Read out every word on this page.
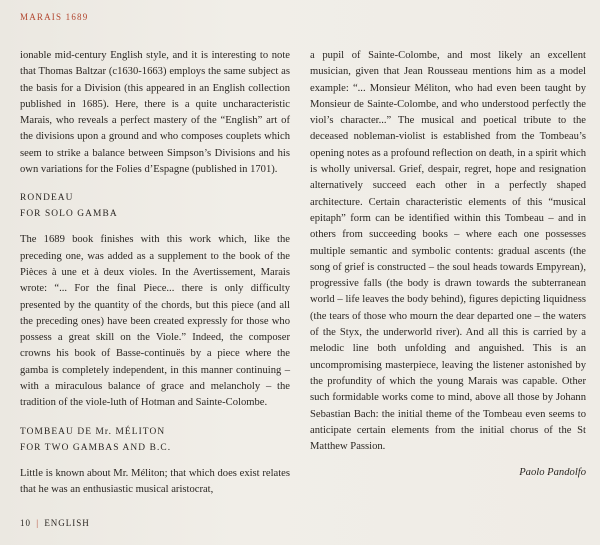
MARAIS 1689

ionable mid-century English style, and it is interesting to note that Thomas Baltzar (c1630-1663) employs the same subject as the basis for a Division (this appeared in an English collection published in 1685). Here, there is a quite uncharacteristic Marais, who reveals a perfect mastery of the “English” art of the divisions upon a ground and who composes couplets which seem to strike a balance between Simpson’s Divisions and his own variations for the Folies d’Espagne (published in 1701).

RONDEAU
FOR SOLO GAMBA

The 1689 book finishes with this work which, like the preceding one, was added as a supplement to the book of the Pièces à une et à deux violes. In the Avertissement, Marais wrote: “... For the final Piece... there is only difficulty presented by the quantity of the chords, but this piece (and all the preceding ones) have been created expressly for those who possess a great skill on the Viole.” Indeed, the composer crowns his book of Basse-continuës by a piece where the gamba is completely independent, in this manner continuing – with a miraculous balance of grace and melancholy – the tradition of the viole-luth of Hotman and Sainte-Colombe.

TOMBEAU DE Mr. MÉLITON
FOR TWO GAMBAS AND B.C.

Little is known about Mr. Méliton; that which does exist relates that he was an enthusiastic musical aristocrat,

a pupil of Sainte-Colombe, and most likely an excellent musician, given that Jean Rousseau mentions him as a model example: “... Monsieur Méliton, who had even been taught by Monsieur de Sainte-Colombe, and who understood perfectly the viol’s character...” The musical and poetical tribute to the deceased nobleman-violist is established from the Tombeau’s opening notes as a profound reflection on death, in a spirit which is wholly universal. Grief, despair, regret, hope and resignation alternatively succeed each other in a perfectly shaped architecture. Certain characteristic elements of this “musical epitaph” form can be identified within this Tombeau – and in others from succeeding books – where each one possesses multiple semantic and symbolic contents: gradual ascents (the song of grief is constructed – the soul heads towards Empyrean), progressive falls (the body is drawn towards the subterranean world – life leaves the body behind), figures depicting liquidness (the tears of those who mourn the dear departed one – the waters of the Styx, the underworld river). And all this is carried by a melodic line both unfolding and anguished. This is an uncompromising masterpiece, leaving the listener astonished by the profundity of which the young Marais was capable. Other such formidable works come to mind, above all those by Johann Sebastian Bach: the initial theme of the Tombeau even seems to anticipate certain elements from the initial chorus of the St Matthew Passion.

Paolo Pandolfo
10 | ENGLISH
